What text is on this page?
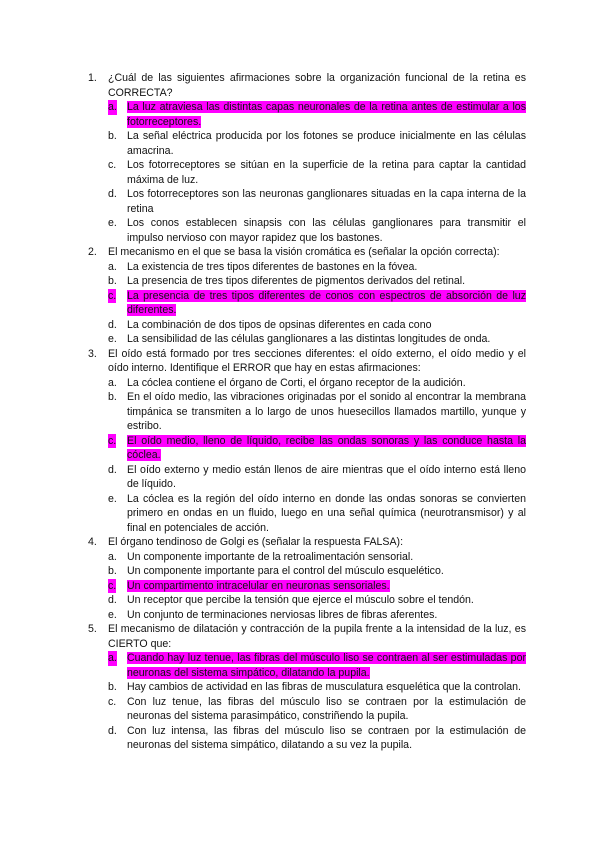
1. ¿Cuál de las siguientes afirmaciones sobre la organización funcional de la retina es CORRECTA?
a. La luz atraviesa las distintas capas neuronales de la retina antes de estimular a los fotorreceptores.
b. La señal eléctrica producida por los fotones se produce inicialmente en las células amacrina.
c. Los fotorreceptores se sitúan en la superficie de la retina para captar la cantidad máxima de luz.
d. Los fotorreceptores son las neuronas ganglionares situadas en la capa interna de la retina
e. Los conos establecen sinapsis con las células ganglionares para transmitir el impulso nervioso con mayor rapidez que los bastones.
2. El mecanismo en el que se basa la visión cromática es (señalar la opción correcta):
a. La existencia de tres tipos diferentes de bastones en la fóvea.
b. La presencia de tres tipos diferentes de pigmentos derivados del retinal.
c. La presencia de tres tipos diferentes de conos con espectros de absorción de luz diferentes.
d. La combinación de dos tipos de opsinas diferentes en cada cono
e. La sensibilidad de las células ganglionares a las distintas longitudes de onda.
3. El oído está formado por tres secciones diferentes: el oído externo, el oído medio y el oído interno. Identifique el ERROR que hay en estas afirmaciones:
a. La cóclea contiene el órgano de Corti, el órgano receptor de la audición.
b. En el oído medio, las vibraciones originadas por el sonido al encontrar la membrana timpánica se transmiten a lo largo de unos huesecillos llamados martillo, yunque y estribo.
c. El oído medio, lleno de líquido, recibe las ondas sonoras y las conduce hasta la cóclea.
d. El oído externo y medio están llenos de aire mientras que el oído interno está lleno de líquido.
e. La cóclea es la región del oído interno en donde las ondas sonoras se convierten primero en ondas en un fluido, luego en una señal química (neurotransmisor) y al final en potenciales de acción.
4. El órgano tendinoso de Golgi es (señalar la respuesta FALSA):
a. Un componente importante de la retroalimentación sensorial.
b. Un componente importante para el control del músculo esquelético.
c. Un compartimento intracelular en neuronas sensoriales.
d. Un receptor que percibe la tensión que ejerce el músculo sobre el tendón.
e. Un conjunto de terminaciones nerviosas libres de fibras aferentes.
5. El mecanismo de dilatación y contracción de la pupila frente a la intensidad de la luz, es CIERTO que:
a. Cuando hay luz tenue, las fibras del músculo liso se contraen al ser estimuladas por neuronas del sistema simpático, dilatando la pupila.
b. Hay cambios de actividad en las fibras de musculatura esquelética que la controlan.
c. Con luz tenue, las fibras del músculo liso se contraen por la estimulación de neuronas del sistema parasimpático, constriñendo la pupila.
d. Con luz intensa, las fibras del músculo liso se contraen por la estimulación de neuronas del sistema simpático, dilatando a su vez la pupila.
